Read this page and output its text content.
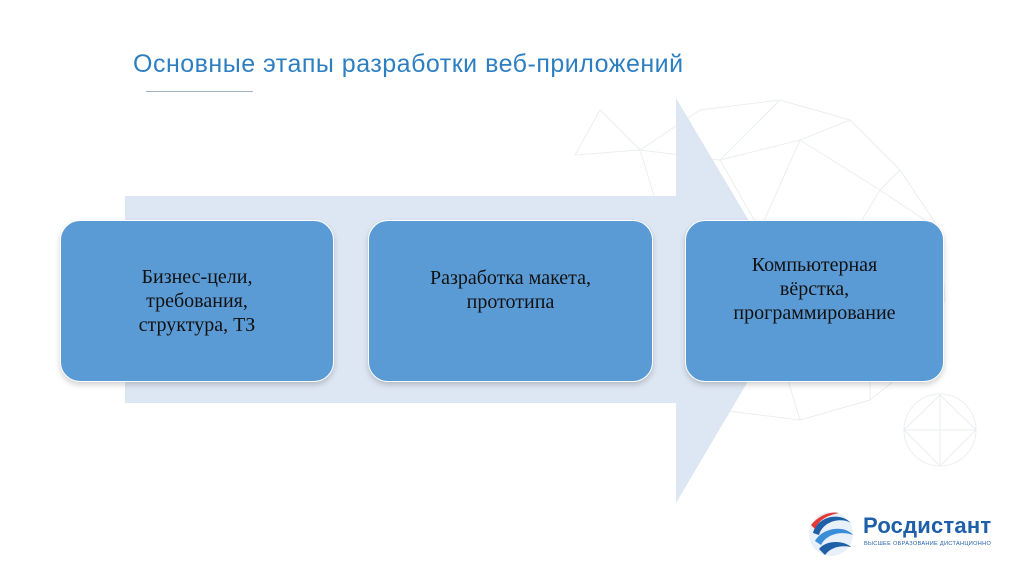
Основные этапы разработки веб-приложений
Бизнес-цели,
требования,
структура, ТЗ
Разработка макета,
прототипа
Компьютерная
вёрстка,
программирование
Росдистант
ВЫСШЕЕ ОБРАЗОВАНИЕ ДИСТАНЦИОННО
